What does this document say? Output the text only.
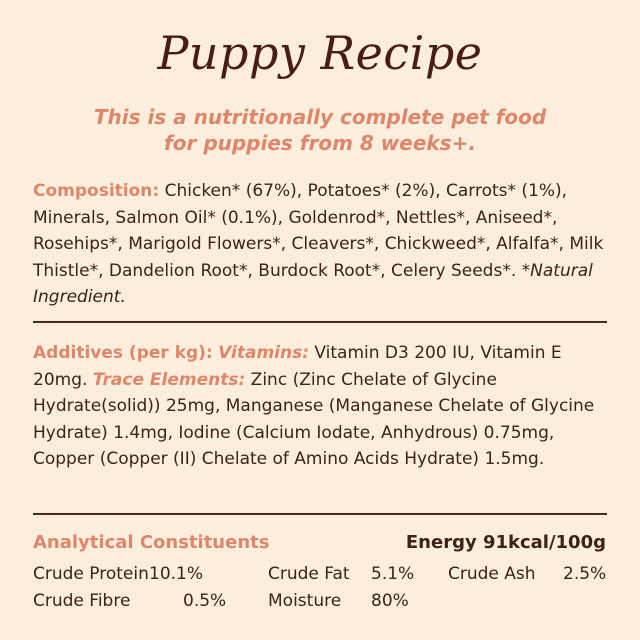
Puppy Recipe
This is a nutritionally complete pet food
for puppies from 8 weeks+.
Composition: Chicken* (67%), Potatoes* (2%), Carrots* (1%), Minerals, Salmon Oil* (0.1%), Goldenrod*, Nettles*, Aniseed*, Rosehips*, Marigold Flowers*, Cleavers*, Chickweed*, Alfalfa*, Milk Thistle*, Dandelion Root*, Burdock Root*, Celery Seeds*. *Natural Ingredient.
Additives (per kg): Vitamins: Vitamin D3 200 IU, Vitamin E 20mg. Trace Elements: Zinc (Zinc Chelate of Glycine Hydrate(solid)) 25mg, Manganese (Manganese Chelate of Glycine Hydrate) 1.4mg, Iodine (Calcium Iodate, Anhydrous) 0.75mg, Copper (Copper (II) Chelate of Amino Acids Hydrate) 1.5mg.
Analytical Constituents	Energy 91kcal/100g
Crude Protein 10.1%	Crude Fat 5.1% Crude Ash 2.5%
Crude Fibre	0.5% Moisture 80%
